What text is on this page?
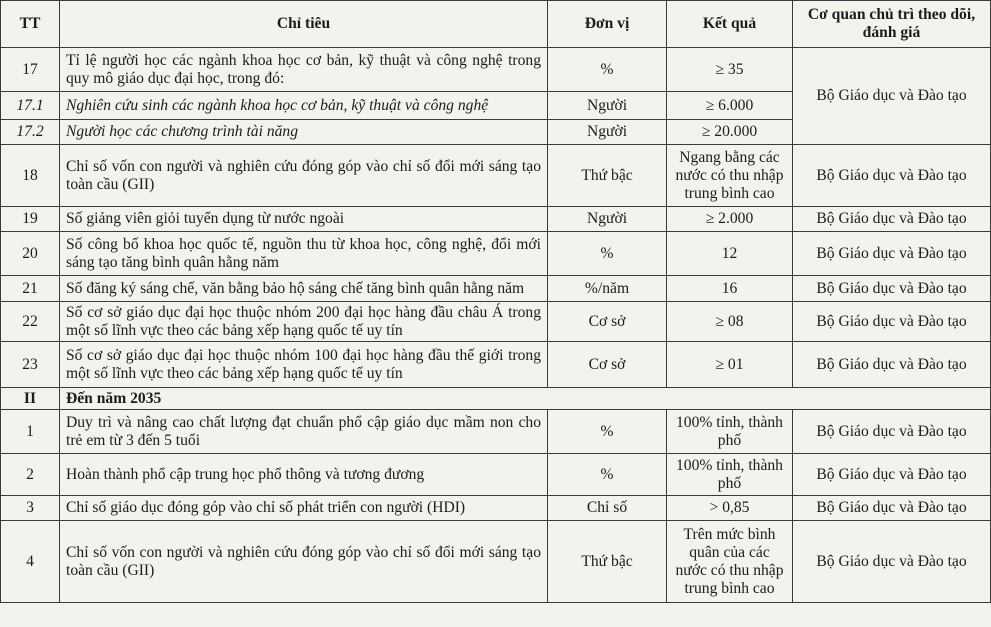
TT	Chỉ tiêu	Đơn vị	Kết quả	Cơ quan chủ trì theo dõi, đánh giá
17	Tỉ lệ người học các ngành khoa học cơ bản, kỹ thuật và công nghệ trong quy mô giáo dục đại học, trong đó:	%	≥ 35	Bộ Giáo dục và Đào tạo
17.1	Nghiên cứu sinh các ngành khoa học cơ bản, kỹ thuật và công nghệ	Người	≥ 6.000	
17.2	Người học các chương trình tài năng	Người	≥ 20.000	
18	Chỉ số vốn con người và nghiên cứu đóng góp vào chỉ số đổi mới sáng tạo toàn cầu (GII)	Thứ bậc	Ngang bằng các nước có thu nhập trung bình cao	Bộ Giáo dục và Đào tạo
19	Số giảng viên giỏi tuyển dụng từ nước ngoài	Người	≥ 2.000	Bộ Giáo dục và Đào tạo
20	Số công bố khoa học quốc tế, nguồn thu từ khoa học, công nghệ, đổi mới sáng tạo tăng bình quân hằng năm	%	12	Bộ Giáo dục và Đào tạo
21	Số đăng ký sáng chế, văn bằng bảo hộ sáng chế tăng bình quân hằng năm	%/năm	16	Bộ Giáo dục và Đào tạo
22	Số cơ sở giáo dục đại học thuộc nhóm 200 đại học hàng đầu châu Á trong một số lĩnh vực theo các bảng xếp hạng quốc tế uy tín	Cơ sở	≥ 08	Bộ Giáo dục và Đào tạo
23	Số cơ sở giáo dục đại học thuộc nhóm 100 đại học hàng đầu thế giới trong một số lĩnh vực theo các bảng xếp hạng quốc tế uy tín	Cơ sở	≥ 01	Bộ Giáo dục và Đào tạo
II	Đến năm 2035			
1	Duy trì và nâng cao chất lượng đạt chuẩn phổ cập giáo dục mầm non cho trẻ em từ 3 đến 5 tuổi	%	100% tỉnh, thành phố	Bộ Giáo dục và Đào tạo
2	Hoàn thành phổ cập trung học phổ thông và tương đương	%	100% tỉnh, thành phố	Bộ Giáo dục và Đào tạo
3	Chỉ số giáo dục đóng góp vào chỉ số phát triển con người (HDI)	Chỉ số	> 0,85	Bộ Giáo dục và Đào tạo
4	Chỉ số vốn con người và nghiên cứu đóng góp vào chỉ số đổi mới sáng tạo toàn cầu (GII)	Thứ bậc	Trên mức bình quân của các nước có thu nhập trung bình cao	Bộ Giáo dục và Đào tạo
